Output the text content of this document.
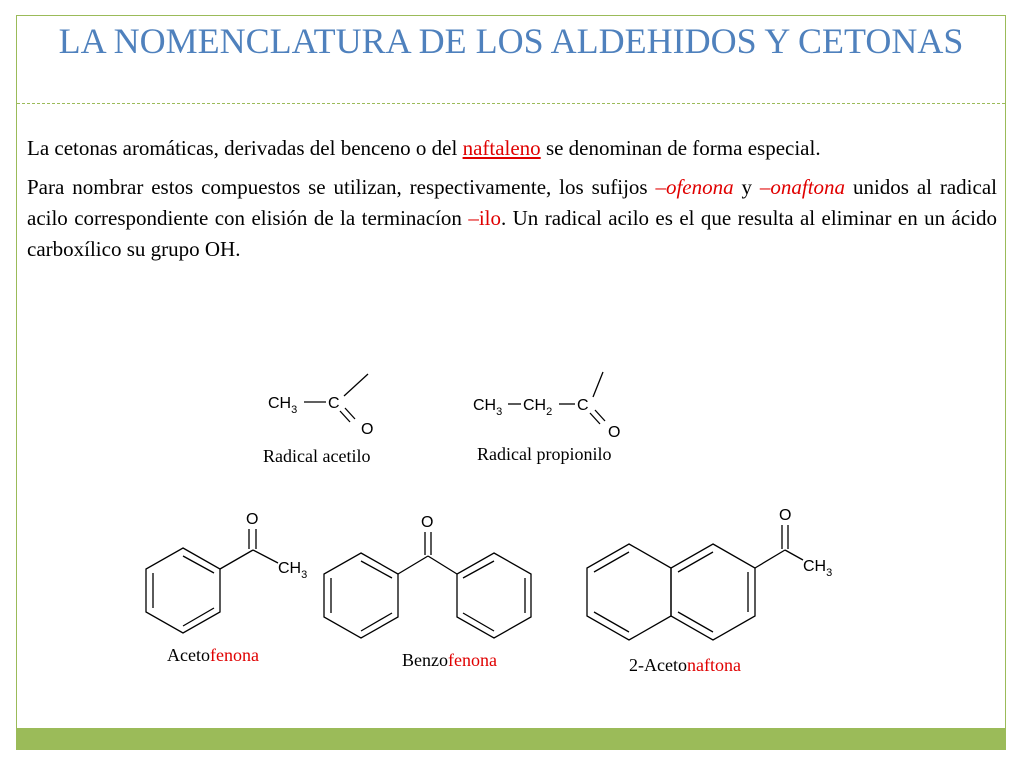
LA NOMENCLATURA DE LOS ALDEHIDOS Y CETONAS

La cetonas aromáticas, derivadas del benceno o del naftaleno se denominan de forma especial.

Para nombrar estos compuestos se utilizan, respectivamente, los sufijos –ofenona y –onaftona unidos al radical acilo correspondiente con elisión de la terminacíon –ilo. Un radical acilo es el que resulta al eliminar en un ácido carboxílico su grupo OH.

$CH_3$ C
O
Radical acetilo
$CH_3$ $CH_2$ C
O
Radical propionilo
O
$CH_3$
Acetofenona
O
Benzofenona
O
$CH_3$
2-Acetonaftona
